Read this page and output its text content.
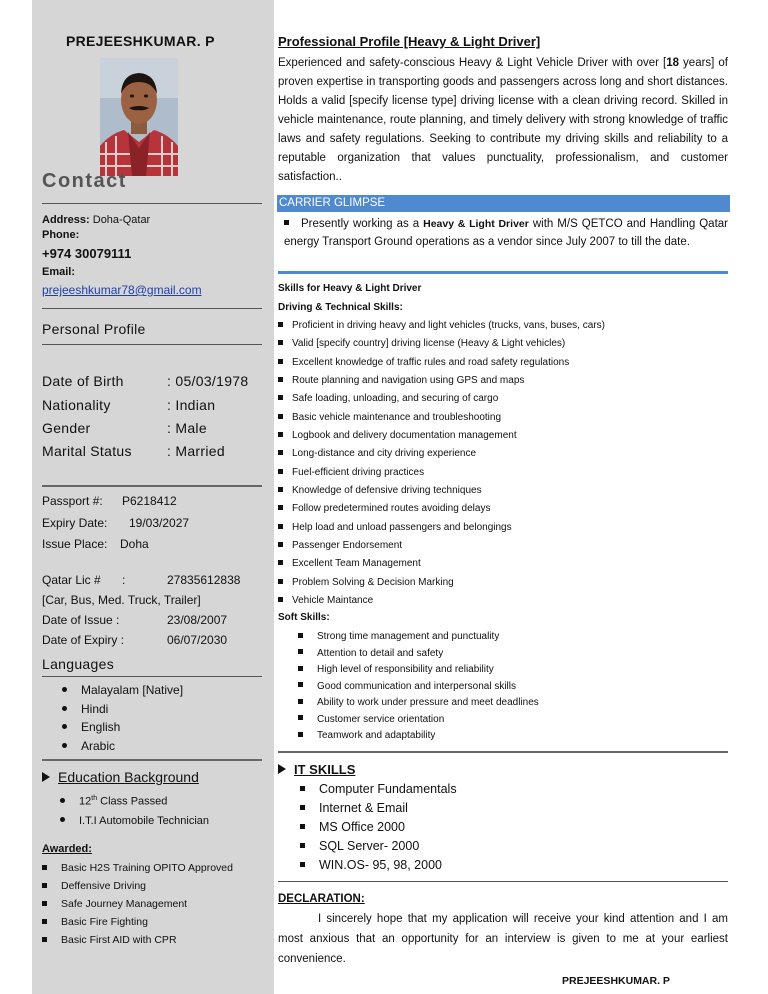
PREJEESHKUMAR. P
Contact
Address: Doha-Qatar
Phone:
+974 30079111
Email:
prejeeshkumar78@gmail.com
Personal Profile
Date of Birth	: 05/03/1978
Nationality	: Indian
Gender	: Male
Marital Status	: Married
Passport #: P6218412
Expiry Date: 19/03/2027
Issue Place: Doha
Qatar Lic # :	27835612838
[Car, Bus, Med. Truck, Trailer]
Date of Issue :	23/08/2007
Date of Expiry :	06/07/2030
Languages
Malayalam [Native]
Hindi
English
Arabic
Education Background
12th Class Passed
I.T.I Automobile Technician
Awarded:
Basic H2S Training OPITO Approved
Deffensive Driving
Safe Journey Management
Basic Fire Fighting
Basic First AID with CPR
Professional Profile [Heavy & Light Driver]
Experienced and safety-conscious Heavy & Light Vehicle Driver with over [18 years] of proven expertise in transporting goods and passengers across long and short distances. Holds a valid [specify license type] driving license with a clean driving record. Skilled in vehicle maintenance, route planning, and timely delivery with strong knowledge of traffic laws and safety regulations. Seeking to contribute my driving skills and reliability to a reputable organization that values punctuality, professionalism, and customer satisfaction..
CARRIER GLIMPSE
Presently working as a Heavy & Light Driver with M/S QETCO and Handling Qatar energy Transport Ground operations as a vendor since July 2007 to till the date.
Skills for Heavy & Light Driver
Driving & Technical Skills:
Proficient in driving heavy and light vehicles (trucks, vans, buses, cars)
Valid [specify country] driving license (Heavy & Light vehicles)
Excellent knowledge of traffic rules and road safety regulations
Route planning and navigation using GPS and maps
Safe loading, unloading, and securing of cargo
Basic vehicle maintenance and troubleshooting
Logbook and delivery documentation management
Long-distance and city driving experience
Fuel-efficient driving practices
Knowledge of defensive driving techniques
Follow predetermined routes avoiding delays
Help load and unload passengers and belongings
Passenger Endorsement
Excellent Team Management
Problem Solving & Decision Marking
Vehicle Maintance
Soft Skills:
Strong time management and punctuality
Attention to detail and safety
High level of responsibility and reliability
Good communication and interpersonal skills
Ability to work under pressure and meet deadlines
Customer service orientation
Teamwork and adaptability
IT SKILLS
Computer Fundamentals
Internet & Email
MS Office 2000
SQL Server- 2000
WIN.OS- 95, 98, 2000
DECLARATION:
I sincerely hope that my application will receive your kind attention and I am most anxious that an opportunity for an interview is given to me at your earliest convenience.
PREJEESHKUMAR. P
